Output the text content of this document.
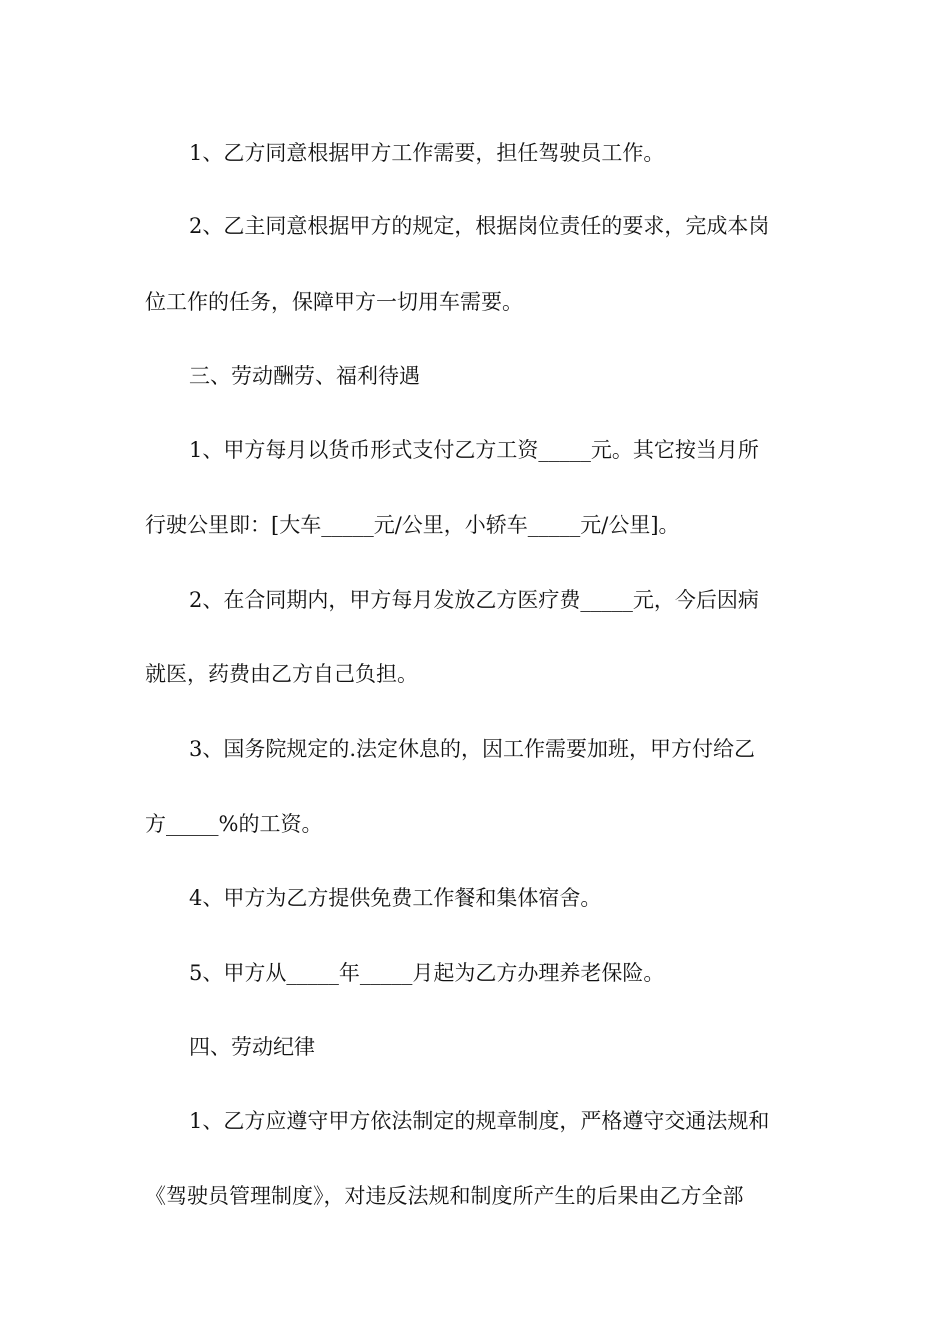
1、乙方同意根据甲方工作需要，担任驾驶员工作。
2、乙主同意根据甲方的规定，根据岗位责任的要求，完成本岗
位工作的任务，保障甲方一切用车需要。
三、劳动酬劳、福利待遇
1、甲方每月以货币形式支付乙方工资_____元。其它按当月所
行驶公里即：[大车_____元/公里，小轿车_____元/公里]。
2、在合同期内，甲方每月发放乙方医疗费_____元，今后因病
就医，药费由乙方自己负担。
3、国务院规定的.法定休息的，因工作需要加班，甲方付给乙
方_____%的工资。
4、甲方为乙方提供免费工作餐和集体宿舍。
5、甲方从_____年_____月起为乙方办理养老保险。
四、劳动纪律
1、乙方应遵守甲方依法制定的规章制度，严格遵守交通法规和
《驾驶员管理制度》，对违反法规和制度所产生的后果由乙方全部
